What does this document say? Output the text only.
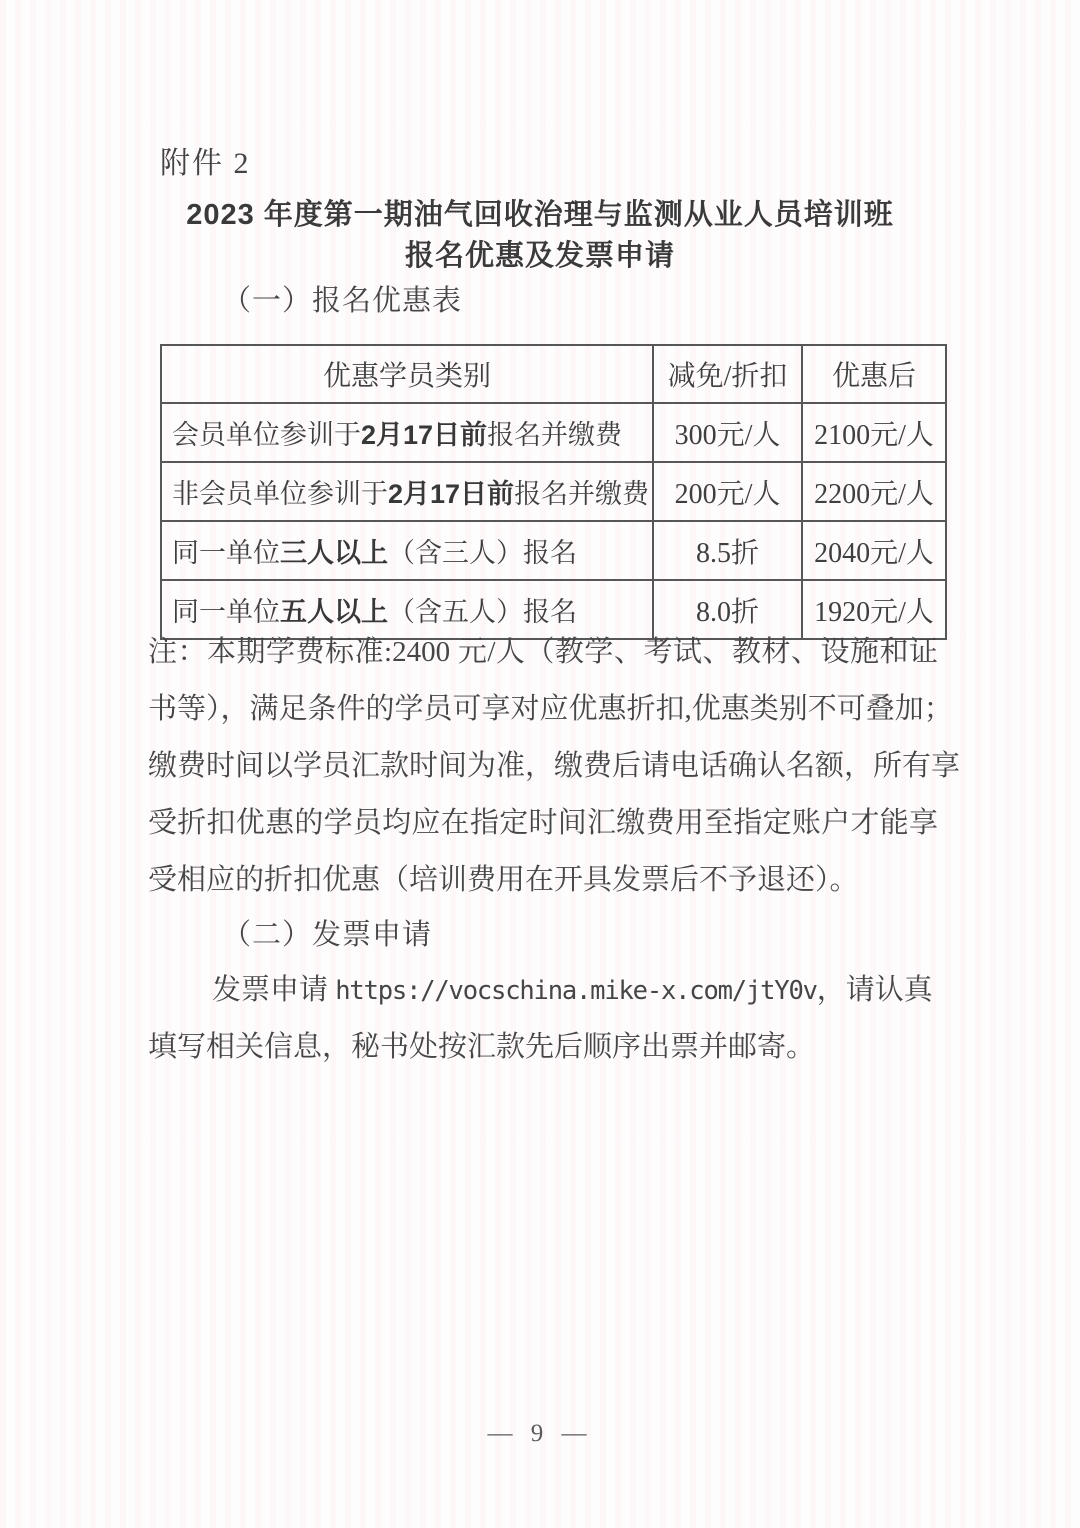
附件 2
2023 年度第一期油气回收治理与监测从业人员培训班
报名优惠及发票申请
（一）报名优惠表
优惠学员类别	减免/折扣	优惠后
会员单位参训于2月17日前报名并缴费	300元/人	2100元/人
非会员单位参训于2月17日前报名并缴费	200元/人	2200元/人
同一单位三人以上（含三人）报名	8.5折	2040元/人
同一单位五人以上（含五人）报名	8.0折	1920元/人
注：本期学费标准:2400 元/人（教学、考试、教材、设施和证
书等），满足条件的学员可享对应优惠折扣,优惠类别不可叠加；
缴费时间以学员汇款时间为准，缴费后请电话确认名额，所有享
受折扣优惠的学员均应在指定时间汇缴费用至指定账户才能享
受相应的折扣优惠（培训费用在开具发票后不予退还）。
（二）发票申请
发票申请 https://vocschina.mike-x.com/jtY0v，请认真
填写相关信息，秘书处按汇款先后顺序出票并邮寄。
— 9 —
